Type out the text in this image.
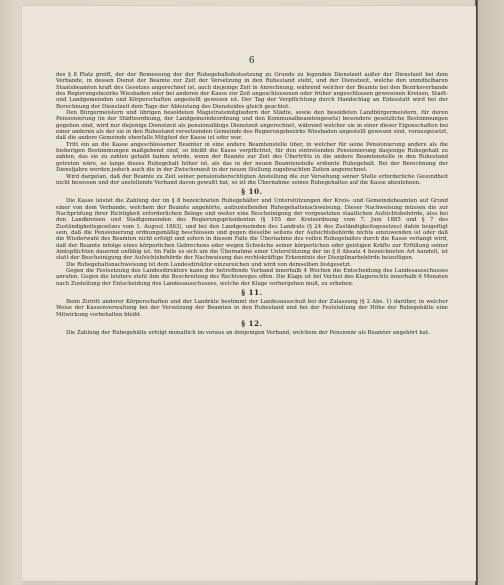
6

des § 8 Platz greift, der der Bemessung der der Ruhegehaltsfestsetzung zu Grunde zu legenden Dienstzeit außer der Dienstzeit bei dem Verbande, in dessen Dienst der Beamte zur Zeit der Versetzung in den Ruhestand steht, und der Dienstzeit, welche den unmittelbaren Staatsbeamten kraft des Gesetzes angerechnet ist, auch diejenige Zeit in Anrechnung, während welcher der Beamte bei den Bezirksverbande des Regierungsbezirks Wiesbaden oder bei anderen der Kasse zur Zeit angeschlossenen oder früher angeschlossen gewesenen Kreisen, Stadt- und Landgemeinden und Körperschaften angestellt gewesen ist. Der Tag der Verpflichtung durch Handschlag an Eidesstatt wird bei der Berechnung der Dienstzeit dem Tage der Ableistung des Diensteides gleich geachtet.

Den Bürgermeistern und übrigen besoldeten Magistratsmitgliedern der Städte, sowie den besoldeten Landbürgermeistern, für deren Pensionierung (in der Städteordnung, der Landgemeindeordnung und den Kommunalbeamtengesetz) besondere gesetzliche Bestimmungen gegeben sind, wird nur diejenige Dienstzeit als pensionsfähige Dienstzeit angerechnet, während welcher sie in einer dieser Eigenschaften bei einer anderen als der sie in den Ruhestand versetzenden Gemeinde des Regierungsbezirks Wiesbaden angestellt gewesen sind, vorausgesetzt, daß die andere Gemeinde ebenfalls Mitglied der Kasse ist oder war.

Tritt ein an die Kasse angeschlossener Beamter in eine andere Beamtenstelle über, in welcher für seine Pensionierung andere als die bisherigen Bestimmungen maßgebend sind, so bleibt die Kasse verpflichtet, für den eintretenden Pensionierung dasjenige Ruhegehalt zu zahlen, das sie zu zahlen gehabt haben würde, wenn der Beamte zur Zeit des Übertritts in die andere Beamtenstelle in den Ruhestand getreten wäre, so lange dieses Ruhegehalt höher ist, als das in der neuen Beamtenstelle erdiente Ruhegehalt. Bei der Berechnung der Dienstjahre werden jedoch auch die in der Zwischenzeit in der neuen Stellung zugebrachten Zeiten angerechnet.

Wird dargetan, daß der Beamte zu Zeit seiner pensionsberechtigten Anstellung die zur Versehung seiner Stelle erforderliche Gesundheit nicht besessen und der anstellende Verband davon gewußt hat, so ist die Übernahme seines Ruhegehaltes auf die Kasse abzulehnen.

§ 10.

Die Kasse leistet die Zahlung der im § 8 bezeichneten Ruhegehälter und Unterstützungen der Kreis- und Gemeindebeamten auf Grund einer von dem Verbande, welchem der Beamte angehörte, aufzustellenden Ruhegehaltsnachweisung. Dieser Nachweisung müssen die zur Nachprüfung ihrer Richtigkeit erforderlichen Belege und weiter eine Bescheinigung der vorgesetzten staatlichen Aufsichtsbehörde, also bei den Landkreisen und Stadtgemeinden des Regierungspräsidenten (§ 105 der Kreisordnung vom 7. Juni 1885 und § 7 des Zuständigkeitsgesetzes vom 1. August 1883), und bei den Landgemeinden des Landrats (§ 24 des Zuständigkeitsgesetzes) dahin beigefügt sein, daß die Pensionierung ordnungsmäßig beschlossen und gegen dieselbe seitens der Aufsichtsbehörde nichts einzuwenden ist oder daß die Wiederwahl des Beamten nicht erfolgt und sofern in diesem Falle die Übernahme des vollen Ruhegehaltes durch die Kasse verlangt wird, daß der Beamte infolge eines körperlichen Gebrechens oder wegen Schwäche seiner körperlichen oder geistigen Kräfte zur Erfüllung seiner Amtspflichten dauernd unfähig ist. Im Falle es sich um die Übernahme einer Unterstützung der im § 8 Absatz 4 bezeichneten Art handelt, ist statt der Bescheinigung der Aufsichtsbehörde der Nachweisung das rechtskräftige Erkenntnis der Disziplinarbehörde beizufügen.

Die Ruhegehaltsnachweisung ist dem Landesdirektor einzureichen und wird von demselben festgesetzt.

Gegen die Festsetzung des Landesdirektors kann der betreffende Verband innerhalb 4 Wochen die Entscheidung des Landesausschusses anrufen. Gegen die letztere steht ihm die Beschreitung des Rechtsweges offen. Die Klage ist bei Verlust des Klagerechts innerhalb 6 Monaten nach Zustellung der Entscheidung des Landesausschusses, welche der Klage vorhergehen muß, zu erheben.

§ 11.

Beim Zutritt anderer Körperschaften und der Landräte bestimmt der Landesausschuß bei der Zulassung (§ 2 Abs. 1) darüber, in welcher Weise der Kassenverwaltung bei der Versetzung der Beamten in den Ruhestand und bei der Feststellung der Höhe der Ruhegehälte eine Mitwirkung vorbehalten bleibt.

§ 12.

Die Zahlung der Ruhegehälte erfolgt monatlich im voraus an denjenigen Verband, welchem der Pensionär als Beamter angehört hat.
